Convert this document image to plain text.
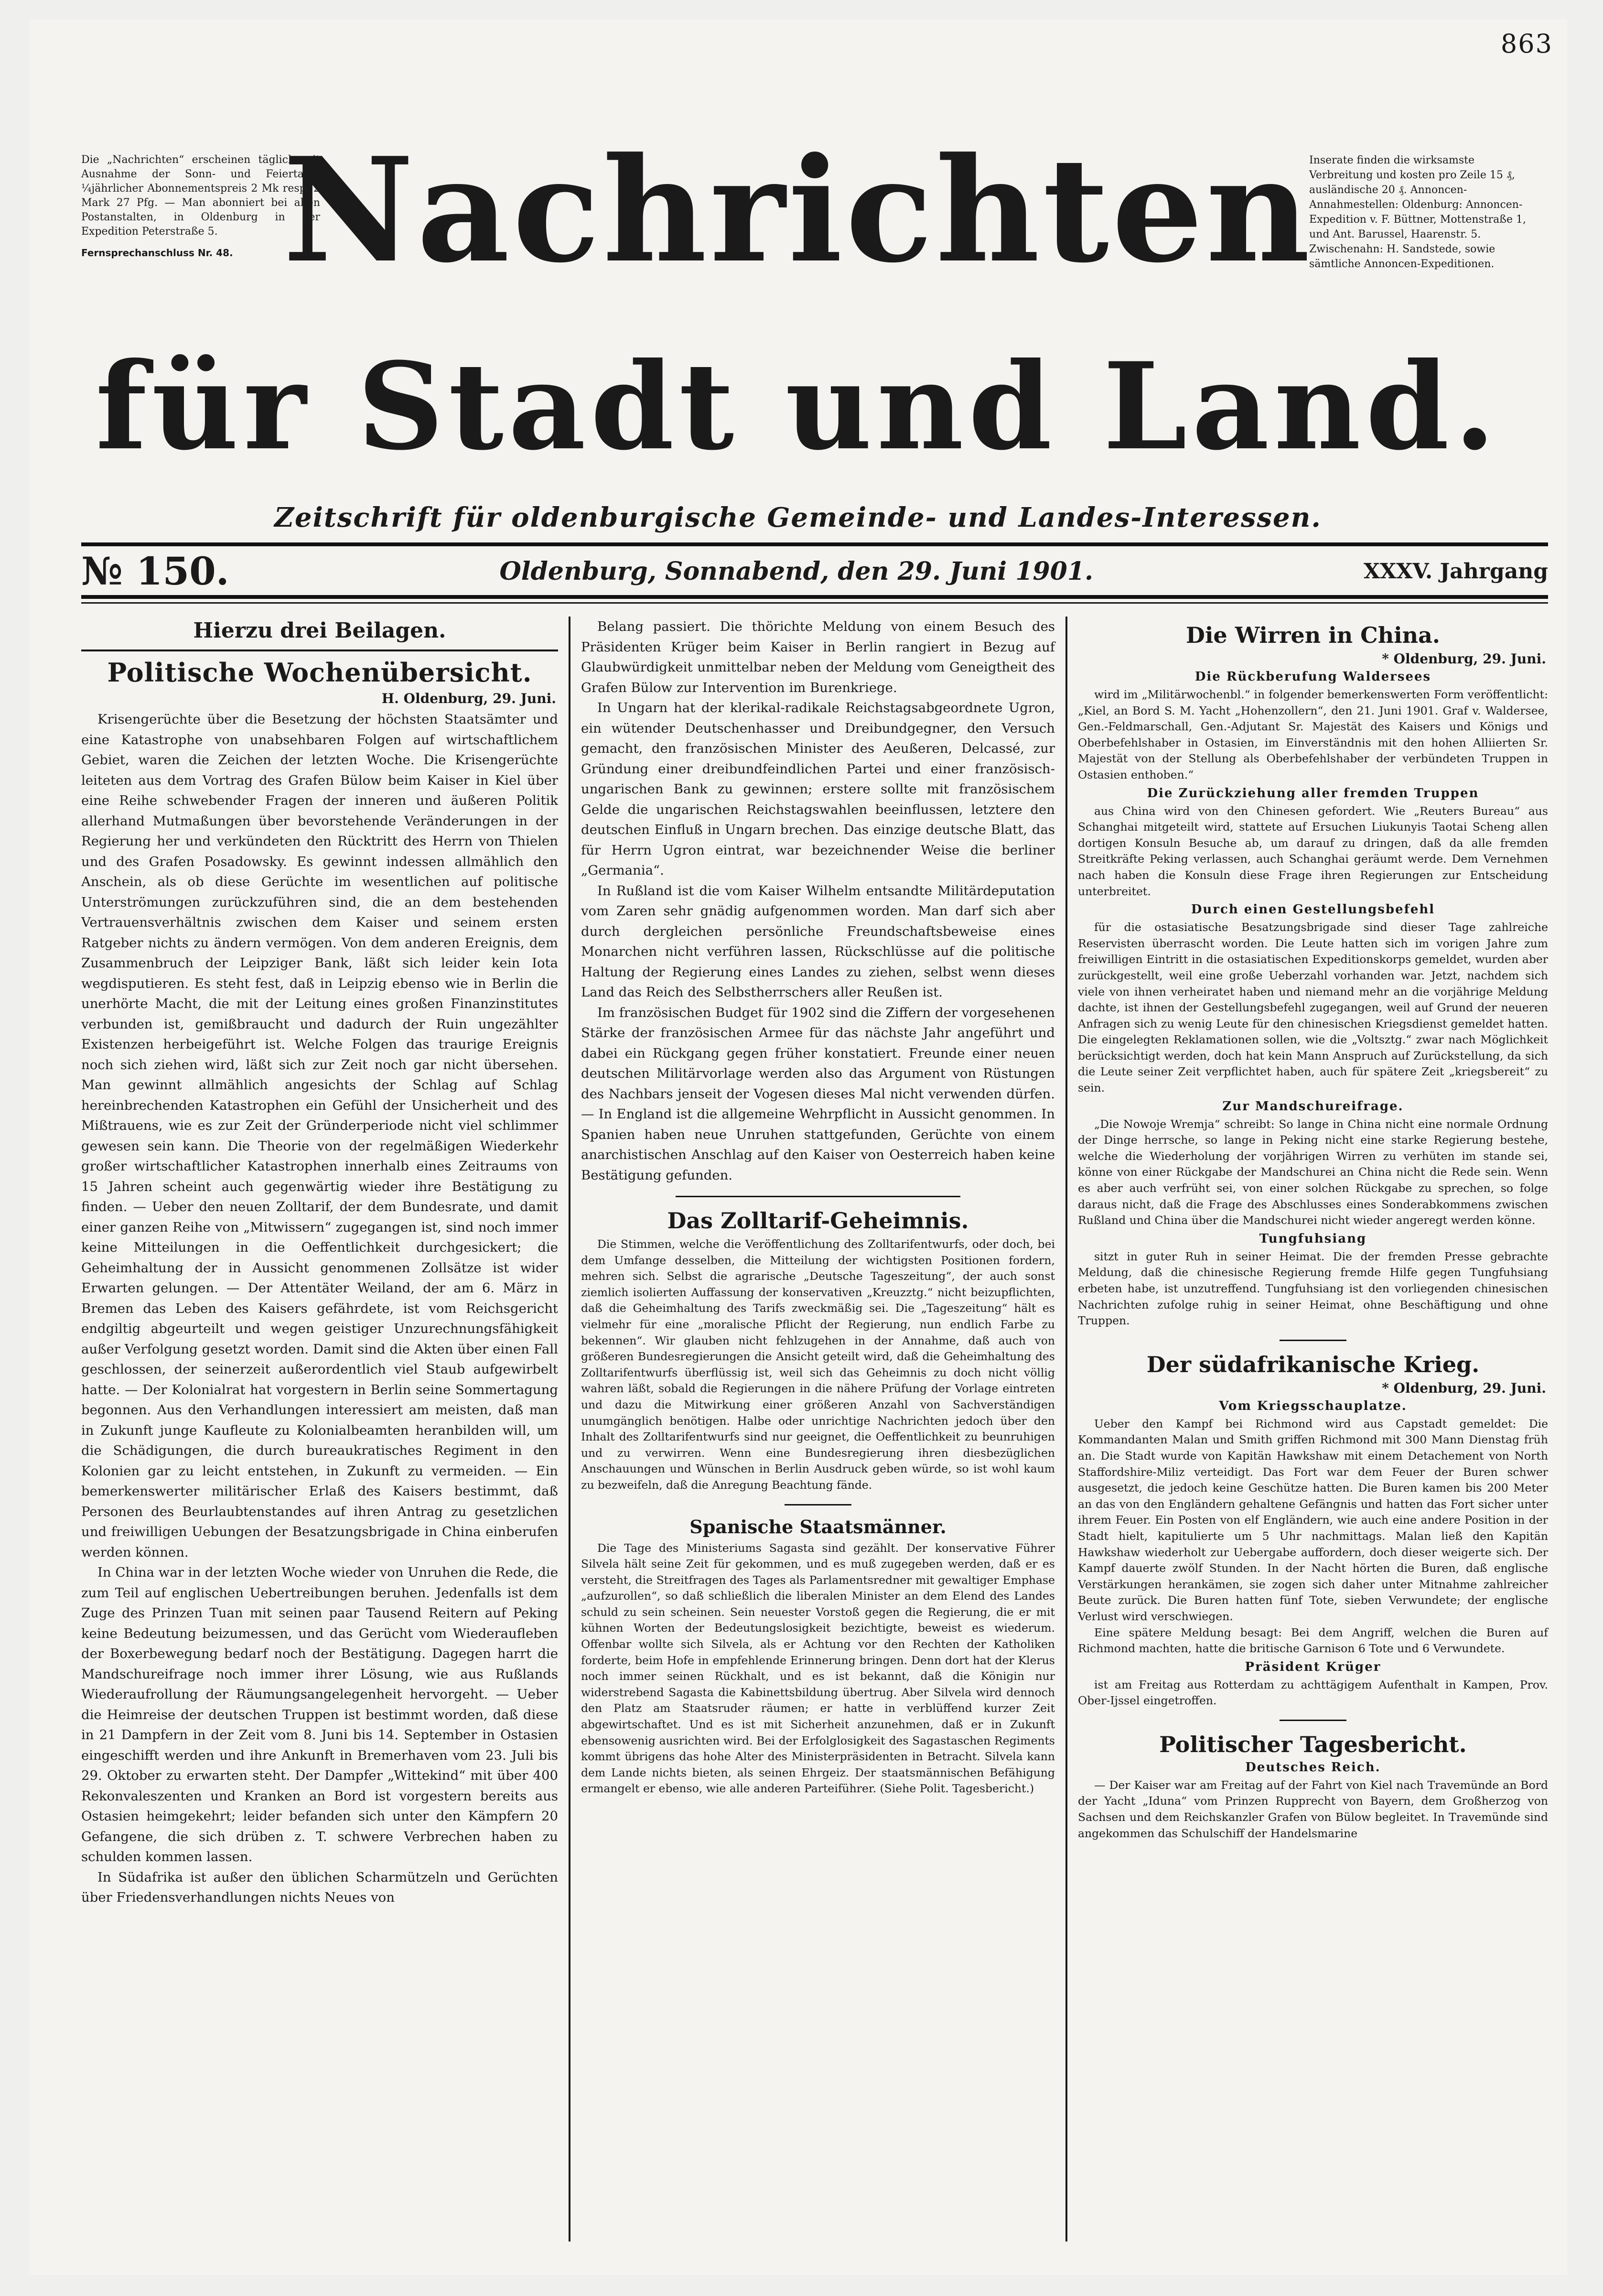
863
Die „Nachrichten“ erscheinen täglich mit Ausnahme der Sonn- und Feiertage. ¼jährlicher Abonnementspreis 2 Mk resp. 2 Mark 27 Pfg. — Man abonniert bei allen Postanstalten, in Oldenburg in der Expedition Peterstraße 5.
Fernsprechanschluss Nr. 48.
Inserate finden die wirksamste Verbreitung und kosten pro Zeile 15 ₰, ausländische 20 ₰. Annoncen-Annahmestellen: Oldenburg: Annoncen-Expedition v. F. Büttner, Mottenstraße 1, und Ant. Barussel, Haarenstr. 5. Zwischenahn: H. Sandstede, sowie sämtliche Annoncen-Expeditionen.
Nachrichten
für Stadt und Land.
Zeitschrift für oldenburgische Gemeinde- und Landes-Interessen.
№ 150.	Oldenburg, Sonnabend, den 29. Juni 1901.	XXXV. Jahrgang
Hierzu drei Beilagen.
Politische Wochenübersicht.
H. Oldenburg, 29. Juni.

Krisengerüchte über die Besetzung der höchsten Staatsämter und eine Katastrophe von unabsehbaren Folgen auf wirtschaftlichem Gebiet, waren die Zeichen der letzten Woche. Die Krisengerüchte leiteten aus dem Vortrag des Grafen Bülow beim Kaiser in Kiel über eine Reihe schwebender Fragen der inneren und äußeren Politik allerhand Mutmaßungen über bevorstehende Veränderungen in der Regierung her und verkündeten den Rücktritt des Herrn von Thielen und des Grafen Posadowsky. Es gewinnt indessen allmählich den Anschein, als ob diese Gerüchte im wesentlichen auf politische Unterströmungen zurückzuführen sind, die an dem bestehenden Vertrauensverhältnis zwischen dem Kaiser und seinem ersten Ratgeber nichts zu ändern vermögen. Von dem anderen Ereignis, dem Zusammenbruch der Leipziger Bank, läßt sich leider kein Iota wegdisputieren. Es steht fest, daß in Leipzig ebenso wie in Berlin die unerhörte Macht, die mit der Leitung eines großen Finanzinstitutes verbunden ist, gemißbraucht und dadurch der Ruin ungezählter Existenzen herbeigeführt ist. Welche Folgen das traurige Ereignis noch sich ziehen wird, läßt sich zur Zeit noch gar nicht übersehen. Man gewinnt allmählich angesichts der Schlag auf Schlag hereinbrechenden Katastrophen ein Gefühl der Unsicherheit und des Mißtrauens, wie es zur Zeit der Gründerperiode nicht viel schlimmer gewesen sein kann. Die Theorie von der regelmäßigen Wiederkehr großer wirtschaftlicher Katastrophen innerhalb eines Zeitraums von 15 Jahren scheint auch gegenwärtig wieder ihre Bestätigung zu finden. — Ueber den neuen Zolltarif, der dem Bundesrate, und damit einer ganzen Reihe von „Mitwissern“ zugegangen ist, sind noch immer keine Mitteilungen in die Oeffentlichkeit durchgesickert; die Geheimhaltung der in Aussicht genommenen Zollsätze ist wider Erwarten gelungen. — Der Attentäter Weiland, der am 6. März in Bremen das Leben des Kaisers gefährdete, ist vom Reichsgericht endgiltig abgeurteilt und wegen geistiger Unzurechnungsfähigkeit außer Verfolgung gesetzt worden. Damit sind die Akten über einen Fall geschlossen, der seinerzeit außerordentlich viel Staub aufgewirbelt hatte. — Der Kolonialrat hat vorgestern in Berlin seine Sommertagung begonnen. Aus den Verhandlungen interessiert am meisten, daß man in Zukunft junge Kaufleute zu Kolonialbeamten heranbilden will, um die Schädigungen, die durch bureaukratisches Regiment in den Kolonien gar zu leicht entstehen, in Zukunft zu vermeiden. — Ein bemerkenswerter militärischer Erlaß des Kaisers bestimmt, daß Personen des Beurlaubtenstandes auf ihren Antrag zu gesetzlichen und freiwilligen Uebungen der Besatzungsbrigade in China einberufen werden können.

In China war in der letzten Woche wieder von Unruhen die Rede, die zum Teil auf englischen Uebertreibungen beruhen. Jedenfalls ist dem Zuge des Prinzen Tuan mit seinen paar Tausend Reitern auf Peking keine Bedeutung beizumessen, und das Gerücht vom Wiederaufleben der Boxerbewegung bedarf noch der Bestätigung. Dagegen harrt die Mandschureifrage noch immer ihrer Lösung, wie aus Rußlands Wiederaufrollung der Räumungsangelegenheit hervorgeht. — Ueber die Heimreise der deutschen Truppen ist bestimmt worden, daß diese in 21 Dampfern in der Zeit vom 8. Juni bis 14. September in Ostasien eingeschifft werden und ihre Ankunft in Bremerhaven vom 23. Juli bis 29. Oktober zu erwarten steht. Der Dampfer „Wittekind“ mit über 400 Rekonvaleszenten und Kranken an Bord ist vorgestern bereits aus Ostasien heimgekehrt; leider befanden sich unter den Kämpfern 20 Gefangene, die sich drüben z. T. schwere Verbrechen haben zu schulden kommen lassen.

In Südafrika ist außer den üblichen Scharmützeln und Gerüchten über Friedensverhandlungen nichts Neues von

Belang passiert. Die thörichte Meldung von einem Besuch des Präsidenten Krüger beim Kaiser in Berlin rangiert in Bezug auf Glaubwürdigkeit unmittelbar neben der Meldung vom Geneigtheit des Grafen Bülow zur Intervention im Burenkriege.

In Ungarn hat der klerikal-radikale Reichstagsabgeordnete Ugron, ein wütender Deutschenhasser und Dreibundgegner, den Versuch gemacht, den französischen Minister des Aeußeren, Delcassé, zur Gründung einer dreibundfeindlichen Partei und einer französisch-ungarischen Bank zu gewinnen; erstere sollte mit französischem Gelde die ungarischen Reichstagswahlen beeinflussen, letztere den deutschen Einfluß in Ungarn brechen. Das einzige deutsche Blatt, das für Herrn Ugron eintrat, war bezeichnender Weise die berliner „Germania“.

In Rußland ist die vom Kaiser Wilhelm entsandte Militärdeputation vom Zaren sehr gnädig aufgenommen worden. Man darf sich aber durch dergleichen persönliche Freundschaftsbeweise eines Monarchen nicht verführen lassen, Rückschlüsse auf die politische Haltung der Regierung eines Landes zu ziehen, selbst wenn dieses Land das Reich des Selbstherrschers aller Reußen ist.

Im französischen Budget für 1902 sind die Ziffern der vorgesehenen Stärke der französischen Armee für das nächste Jahr angeführt und dabei ein Rückgang gegen früher konstatiert. Freunde einer neuen deutschen Militärvorlage werden also das Argument von Rüstungen des Nachbars jenseit der Vogesen dieses Mal nicht verwenden dürfen. — In England ist die allgemeine Wehrpflicht in Aussicht genommen. In Spanien haben neue Unruhen stattgefunden, Gerüchte von einem anarchistischen Anschlag auf den Kaiser von Oesterreich haben keine Bestätigung gefunden.

Das Zolltarif-Geheimnis.

Die Stimmen, welche die Veröffentlichung des Zolltarifentwurfs, oder doch, bei dem Umfange desselben, die Mitteilung der wichtigsten Positionen fordern, mehren sich. Selbst die agrarische „Deutsche Tageszeitung“, der auch sonst ziemlich isolierten Auffassung der konservativen „Kreuzztg.“ nicht beizupflichten, daß die Geheimhaltung des Tarifs zweckmäßig sei. Die „Tageszeitung“ hält es vielmehr für eine „moralische Pflicht der Regierung, nun endlich Farbe zu bekennen“. Wir glauben nicht fehlzugehen in der Annahme, daß auch von größeren Bundesregierungen die Ansicht geteilt wird, daß die Geheimhaltung des Zolltarifentwurfs überflüssig ist, weil sich das Geheimnis zu doch nicht völlig wahren läßt, sobald die Regierungen in die nähere Prüfung der Vorlage eintreten und dazu die Mitwirkung einer größeren Anzahl von Sachverständigen unumgänglich benötigen. Halbe oder unrichtige Nachrichten jedoch über den Inhalt des Zolltarifentwurfs sind nur geeignet, die Oeffentlichkeit zu beunruhigen und zu verwirren. Wenn eine Bundesregierung ihren diesbezüglichen Anschauungen und Wünschen in Berlin Ausdruck geben würde, so ist wohl kaum zu bezweifeln, daß die Anregung Beachtung fände.

Spanische Staatsmänner.

Die Tage des Ministeriums Sagasta sind gezählt. Der konservative Führer Silvela hält seine Zeit für gekommen, und es muß zugegeben werden, daß er es versteht, die Streitfragen des Tages als Parlamentsredner mit gewaltiger Emphase „aufzurollen“, so daß schließlich die liberalen Minister an dem Elend des Landes schuld zu sein scheinen. Sein neuester Vorstoß gegen die Regierung, die er mit kühnen Worten der Bedeutungslosigkeit bezichtigte, beweist es wiederum. Offenbar wollte sich Silvela, als er Achtung vor den Rechten der Katholiken forderte, beim Hofe in empfehlende Erinnerung bringen. Denn dort hat der Klerus noch immer seinen Rückhalt, und es ist bekannt, daß die Königin nur widerstrebend Sagasta die Kabinettsbildung übertrug. Aber Silvela wird dennoch den Platz am Staatsruder räumen; er hatte in verblüffend kurzer Zeit abgewirtschaftet. Und es ist mit Sicherheit anzunehmen, daß er in Zukunft ebensowenig ausrichten wird. Bei der Erfolglosigkeit des Sagastaschen Regiments kommt übrigens das hohe Alter des Ministerpräsidenten in Betracht. Silvela kann dem Lande nichts bieten, als seinen Ehrgeiz. Der staatsmännischen Befähigung ermangelt er ebenso, wie alle anderen Parteiführer. (Siehe Polit. Tagesbericht.)

Die Wirren in China.
* Oldenburg, 29. Juni.
Die Rückberufung Waldersees

wird im „Militärwochenbl.“ in folgender bemerkenswerten Form veröffentlicht: „Kiel, an Bord S. M. Yacht „Hohenzollern“, den 21. Juni 1901. Graf v. Waldersee, Gen.-Feldmarschall, Gen.-Adjutant Sr. Majestät des Kaisers und Königs und Oberbefehlshaber in Ostasien, im Einverständnis mit den hohen Alliierten Sr. Majestät von der Stellung als Oberbefehlshaber der verbündeten Truppen in Ostasien enthoben.“

Die Zurückziehung aller fremden Truppen

aus China wird von den Chinesen gefordert. Wie „Reuters Bureau“ aus Schanghai mitgeteilt wird, stattete auf Ersuchen Liukunyis Taotai Scheng allen dortigen Konsuln Besuche ab, um darauf zu dringen, daß da alle fremden Streitkräfte Peking verlassen, auch Schanghai geräumt werde. Dem Vernehmen nach haben die Konsuln diese Frage ihren Regierungen zur Entscheidung unterbreitet.

Durch einen Gestellungsbefehl

für die ostasiatische Besatzungsbrigade sind dieser Tage zahlreiche Reservisten überrascht worden. Die Leute hatten sich im vorigen Jahre zum freiwilligen Eintritt in die ostasiatischen Expeditionskorps gemeldet, wurden aber zurückgestellt, weil eine große Ueberzahl vorhanden war. Jetzt, nachdem sich viele von ihnen verheiratet haben und niemand mehr an die vorjährige Meldung dachte, ist ihnen der Gestellungsbefehl zugegangen, weil auf Grund der neueren Anfragen sich zu wenig Leute für den chinesischen Kriegsdienst gemeldet hatten. Die eingelegten Reklamationen sollen, wie die „Voltsztg.“ zwar nach Möglichkeit berücksichtigt werden, doch hat kein Mann Anspruch auf Zurückstellung, da sich die Leute seiner Zeit verpflichtet haben, auch für spätere Zeit „kriegsbereit“ zu sein.

Zur Mandschureifrage.

„Die Nowoje Wremja“ schreibt: So lange in China nicht eine normale Ordnung der Dinge herrsche, so lange in Peking nicht eine starke Regierung bestehe, welche die Wiederholung der vorjährigen Wirren zu verhüten im stande sei, könne von einer Rückgabe der Mandschurei an China nicht die Rede sein. Wenn es aber auch verfrüht sei, von einer solchen Rückgabe zu sprechen, so folge daraus nicht, daß die Frage des Abschlusses eines Sonderabkommens zwischen Rußland und China über die Mandschurei nicht wieder angeregt werden könne.

Tungfuhsiang

sitzt in guter Ruh in seiner Heimat. Die der fremden Presse gebrachte Meldung, daß die chinesische Regierung fremde Hilfe gegen Tungfuhsiang erbeten habe, ist unzutreffend. Tungfuhsiang ist den vorliegenden chinesischen Nachrichten zufolge ruhig in seiner Heimat, ohne Beschäftigung und ohne Truppen.

Der südafrikanische Krieg.
* Oldenburg, 29. Juni.
Vom Kriegsschauplatze.

Ueber den Kampf bei Richmond wird aus Capstadt gemeldet: Die Kommandanten Malan und Smith griffen Richmond mit 300 Mann Dienstag früh an. Die Stadt wurde von Kapitän Hawkshaw mit einem Detachement von North Staffordshire-Miliz verteidigt. Das Fort war dem Feuer der Buren schwer ausgesetzt, die jedoch keine Geschütze hatten. Die Buren kamen bis 200 Meter an das von den Engländern gehaltene Gefängnis und hatten das Fort sicher unter ihrem Feuer. Ein Posten von elf Engländern, wie auch eine andere Position in der Stadt hielt, kapitulierte um 5 Uhr nachmittags. Malan ließ den Kapitän Hawkshaw wiederholt zur Uebergabe auffordern, doch dieser weigerte sich. Der Kampf dauerte zwölf Stunden. In der Nacht hörten die Buren, daß englische Verstärkungen herankämen, sie zogen sich daher unter Mitnahme zahlreicher Beute zurück. Die Buren hatten fünf Tote, sieben Verwundete; der englische Verlust wird verschwiegen.

Eine spätere Meldung besagt: Bei dem Angriff, welchen die Buren auf Richmond machten, hatte die britische Garnison 6 Tote und 6 Verwundete.

Präsident Krüger

ist am Freitag aus Rotterdam zu achttägigem Aufenthalt in Kampen, Prov. Ober-Ijssel eingetroffen.

Politischer Tagesbericht.
Deutsches Reich.

— Der Kaiser war am Freitag auf der Fahrt von Kiel nach Travemünde an Bord der Yacht „Iduna“ vom Prinzen Rupprecht von Bayern, dem Großherzog von Sachsen und dem Reichskanzler Grafen von Bülow begleitet. In Travemünde sind angekommen das Schulschiff der Handelsmarine
